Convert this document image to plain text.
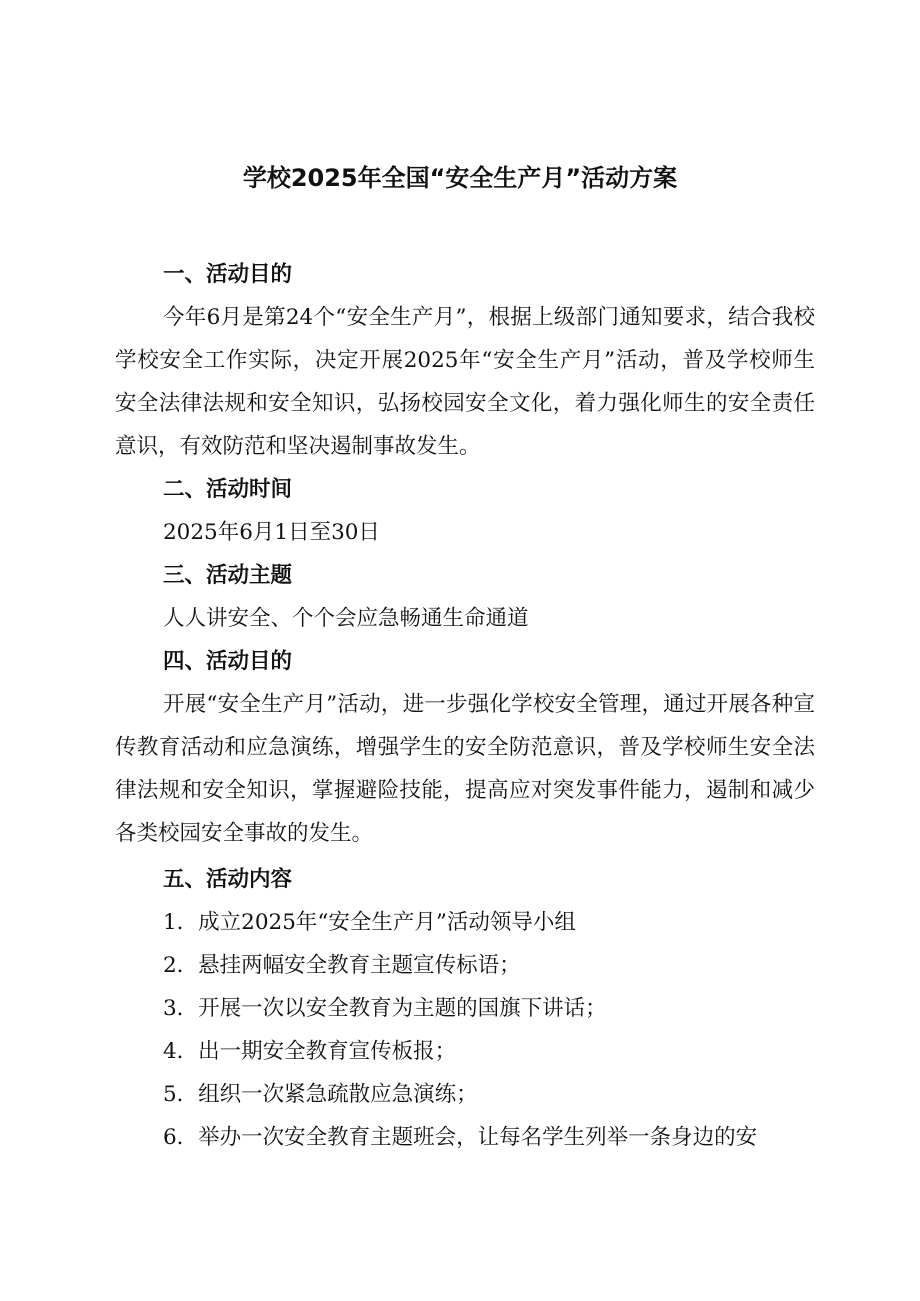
学校2025年全国“安全生产月”活动方案
一、活动目的
今年6月是第24个“安全生产月”，根据上级部门通知要求，结合我校学校安全工作实际，决定开展2025年“安全生产月”活动，普及学校师生安全法律法规和安全知识，弘扬校园安全文化，着力强化师生的安全责任意识，有效防范和坚决遏制事故发生。
二、活动时间
2025年6月1日至30日
三、活动主题
人人讲安全、个个会应急畅通生命通道
四、活动目的
开展“安全生产月”活动，进一步强化学校安全管理，通过开展各种宣传教育活动和应急演练，增强学生的安全防范意识，普及学校师生安全法律法规和安全知识，掌握避险技能，提高应对突发事件能力，遏制和减少各类校园安全事故的发生。
五、活动内容
1．成立2025年“安全生产月”活动领导小组
2．悬挂两幅安全教育主题宣传标语；
3．开展一次以安全教育为主题的国旗下讲话；
4．出一期安全教育宣传板报；
5．组织一次紧急疏散应急演练；
6．举办一次安全教育主题班会，让每名学生列举一条身边的安
